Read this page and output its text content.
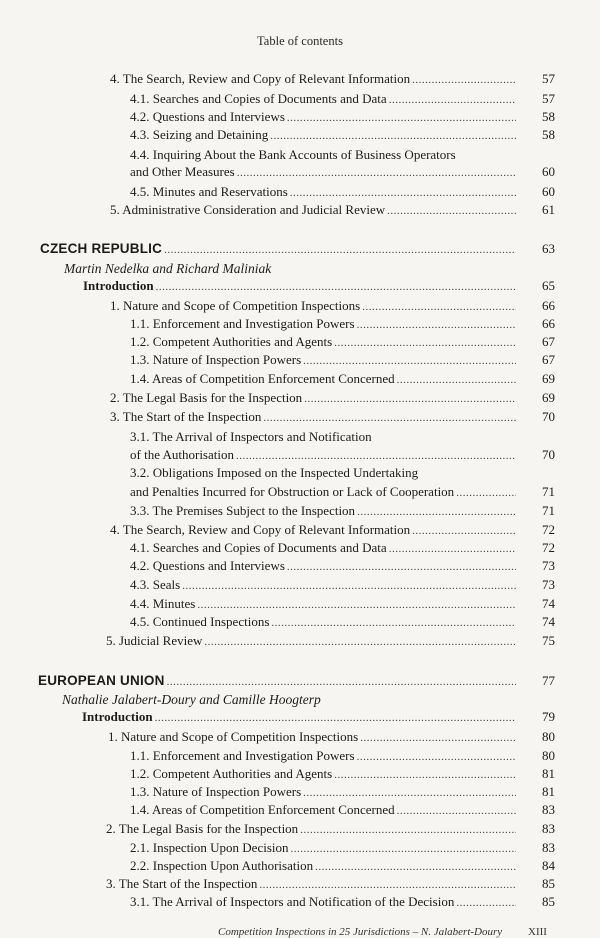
Table of contents
4. The Search, Review and Copy of Relevant Information .....	57
4.1. Searches and Copies of Documents and Data .....	57
4.2. Questions and Interviews .....	58
4.3. Seizing and Detaining .....	58
4.4. Inquiring About the Bank Accounts of Business Operators
and Other Measures .....	60
4.5. Minutes and Reservations .....	60
5. Administrative Consideration and Judicial Review .....	61
CZECH REPUBLIC .....	63
Martin Nedelka and Richard Maliniak
Introduction .....	65
1. Nature and Scope of Competition Inspections .....	66
1.1. Enforcement and Investigation Powers .....	66
1.2. Competent Authorities and Agents .....	67
1.3. Nature of Inspection Powers .....	67
1.4. Areas of Competition Enforcement Concerned .....	69
2. The Legal Basis for the Inspection .....	69
3. The Start of the Inspection .....	70
3.1. The Arrival of Inspectors and Notification
of the Authorisation .....	70
3.2. Obligations Imposed on the Inspected Undertaking
and Penalties Incurred for Obstruction or Lack of Cooperation .....	71
3.3. The Premises Subject to the Inspection .....	71
4. The Search, Review and Copy of Relevant Information .....	72
4.1. Searches and Copies of Documents and Data .....	72
4.2. Questions and Interviews .....	73
4.3. Seals .....	73
4.4. Minutes .....	74
4.5. Continued Inspections .....	74
5. Judicial Review .....	75
EUROPEAN UNION .....	77
Nathalie Jalabert-Doury and Camille Hoogterp
Introduction .....	79
1. Nature and Scope of Competition Inspections .....	80
1.1. Enforcement and Investigation Powers .....	80
1.2. Competent Authorities and Agents .....	81
1.3. Nature of Inspection Powers .....	81
1.4. Areas of Competition Enforcement Concerned .....	83
2. The Legal Basis for the Inspection .....	83
2.1. Inspection Upon Decision .....	83
2.2. Inspection Upon Authorisation .....	84
3. The Start of the Inspection .....	85
3.1. The Arrival of Inspectors and Notification of the Decision .....	85
Competition Inspections in 25 Jurisdictions – N. Jalabert-Doury XIII
